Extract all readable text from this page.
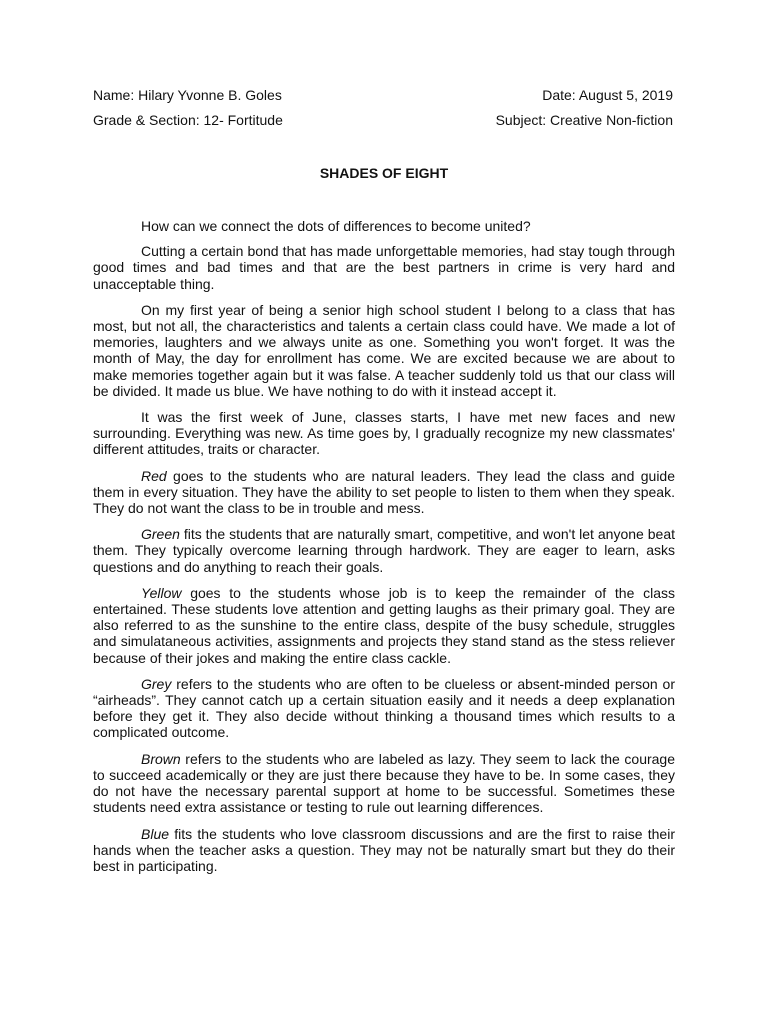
Name: Hilary Yvonne B. Goles	Date: August 5, 2019
Grade & Section: 12- Fortitude	Subject: Creative Non-fiction
SHADES OF EIGHT

How can we connect the dots of differences to become united?

Cutting a certain bond that has made unforgettable memories, had stay tough through good times and bad times and that are the best partners in crime is very hard and unacceptable thing.

On my first year of being a senior high school student I belong to a class that has most, but not all, the characteristics and talents a certain class could have. We made a lot of memories, laughters and we always unite as one. Something you won't forget. It was the month of May, the day for enrollment has come. We are excited because we are about to make memories together again but it was false. A teacher suddenly told us that our class will be divided. It made us blue. We have nothing to do with it instead accept it.

It was the first week of June, classes starts, I have met new faces and new surrounding. Everything was new. As time goes by, I gradually recognize my new classmates' different attitudes, traits or character.

Red goes to the students who are natural leaders. They lead the class and guide them in every situation. They have the ability to set people to listen to them when they speak. They do not want the class to be in trouble and mess.

Green fits the students that are naturally smart, competitive, and won't let anyone beat them. They typically overcome learning through hardwork. They are eager to learn, asks questions and do anything to reach their goals.

Yellow goes to the students whose job is to keep the remainder of the class entertained. These students love attention and getting laughs as their primary goal. They are also referred to as the sunshine to the entire class, despite of the busy schedule, struggles and simulataneous activities, assignments and projects they stand stand as the stess reliever because of their jokes and making the entire class cackle.

Grey refers to the students who are often to be clueless or absent-minded person or “airheads”. They cannot catch up a certain situation easily and it needs a deep explanation before they get it. They also decide without thinking a thousand times which results to a complicated outcome.

Brown refers to the students who are labeled as lazy. They seem to lack the courage to succeed academically or they are just there because they have to be. In some cases, they do not have the necessary parental support at home to be successful. Sometimes these students need extra assistance or testing to rule out learning differences.

Blue fits the students who love classroom discussions and are the first to raise their hands when the teacher asks a question. They may not be naturally smart but they do their best in participating.
